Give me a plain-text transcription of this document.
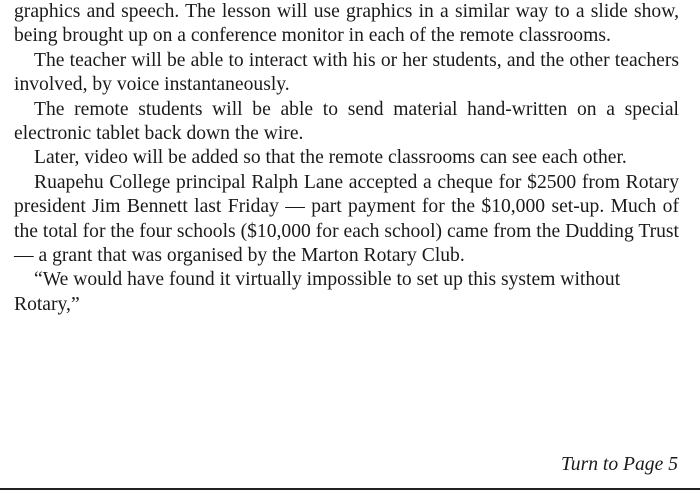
graphics and speech. The lesson will use graphics in a similar way to a slide show, being brought up on a conference monitor in each of the remote classrooms.

The teacher will be able to interact with his or her students, and the other teachers involved, by voice instantaneously.

The remote students will be able to send material hand-written on a special electronic tablet back down the wire.

Later, video will be added so that the remote classrooms can see each other.

Ruapehu College principal Ralph Lane accepted a cheque for $2500 from Rotary president Jim Bennett last Friday — part payment for the $10,000 set-up. Much of the total for the four schools ($10,000 for each school) came from the Dudding Trust — a grant that was organised by the Marton Rotary Club.

“We would have found it virtually impossible to set up this system without Rotary,”

Turn to Page 5
